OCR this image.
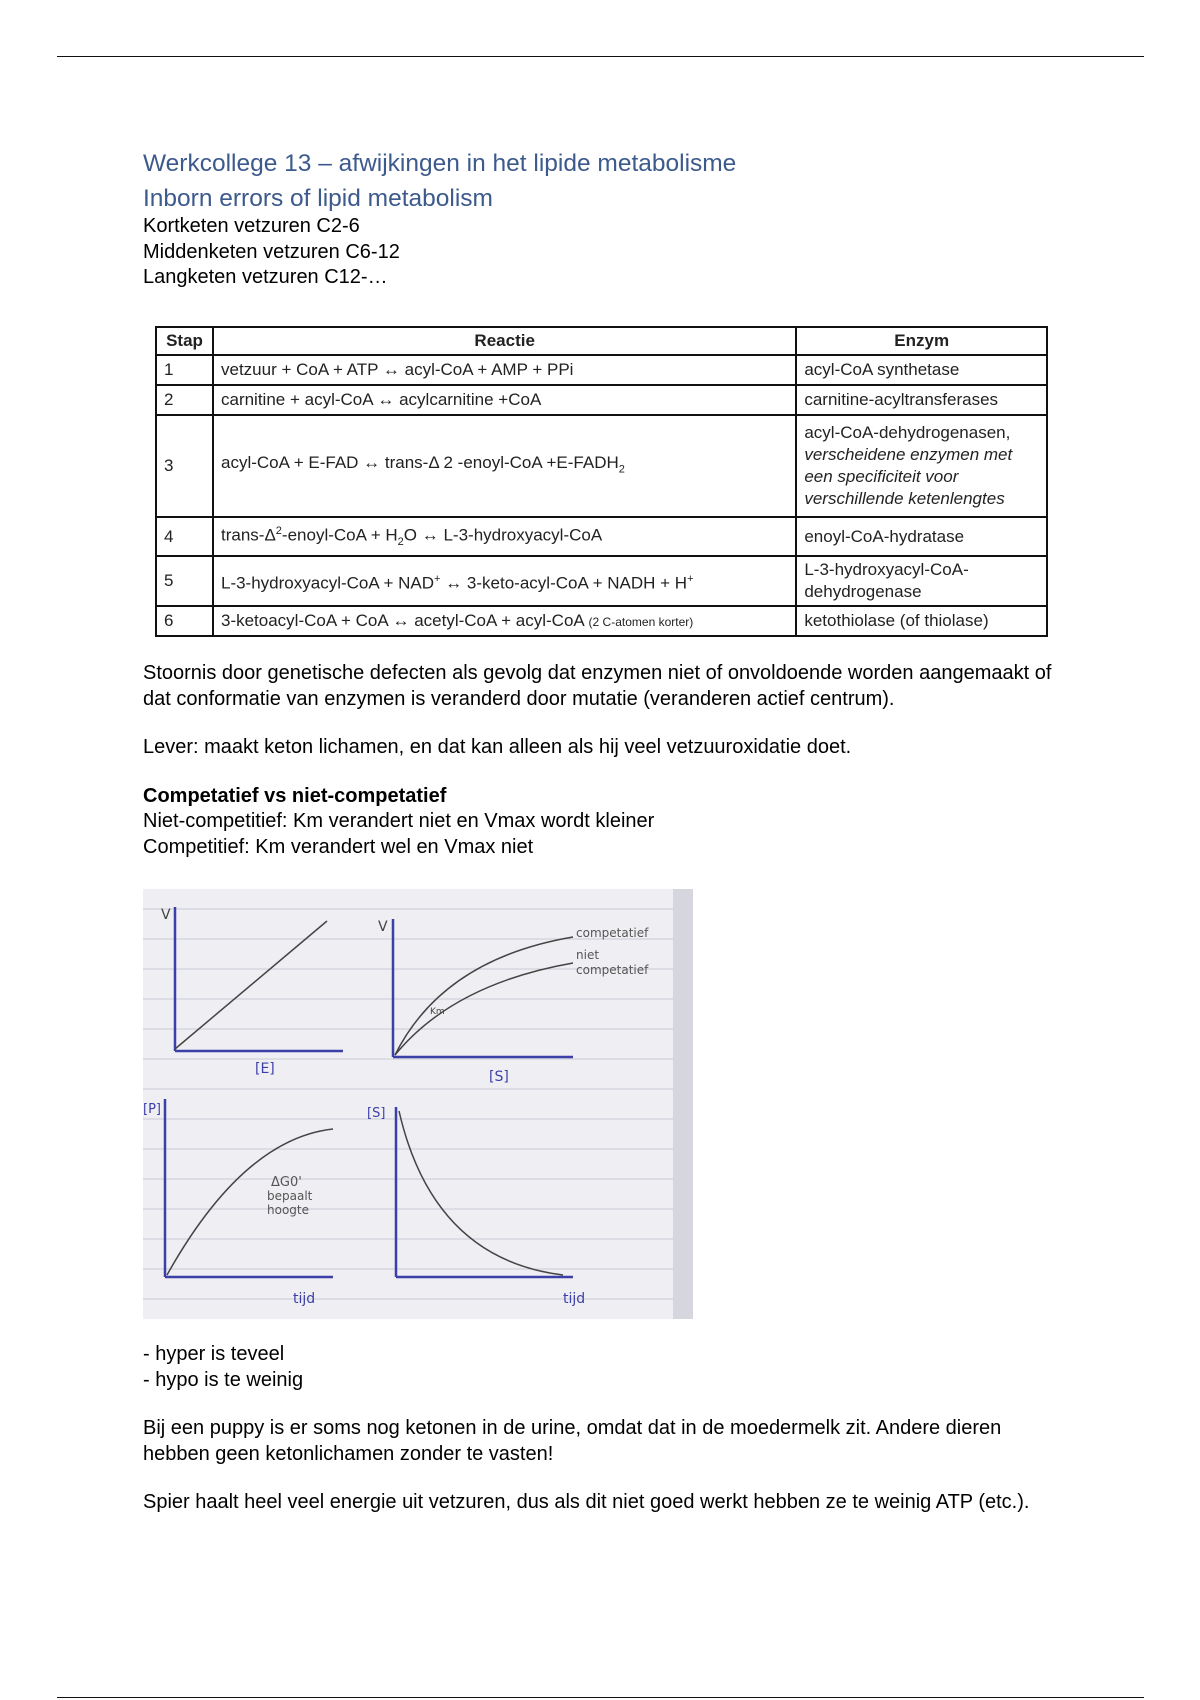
Werkcollege 13 – afwijkingen in het lipide metabolisme
Inborn errors of lipid metabolism

Kortketen vetzuren C2-6

Middenketen vetzuren C6-12

Langketen vetzuren C12-…

Stap	Reactie	Enzym
1	vetzuur + CoA + ATP ↔ acyl-CoA + AMP + PPi	acyl-CoA synthetase
2	carnitine + acyl-CoA ↔ acylcarnitine +CoA	carnitine-acyltransferases
3	acyl-CoA + E-FAD ↔ trans-Δ 2 -enoyl-CoA $+E-FADH_2$	acyl-CoA-dehydrogenasen,
verscheidene enzymen met een specificiteit voor verschillende ketenlengtes

4	trans-$\Delta^2-enoyl$-CoA + $H_2O$ ↔ L-3-hydroxyacyl-CoA	enoyl-CoA-hydratase
5	L-3-hydroxyacyl-CoA + NAD+ ↔ 3-keto-acyl-CoA + NADH + H+	L-3-hydroxyacyl-CoA-dehydrogenase
6	3-ketoacyl-CoA + CoA ↔ acetyl-CoA + acyl-CoA (2 C-atomen korter)	ketothiolase (of thiolase)

Stoornis door genetische defecten als gevolg dat enzymen niet of onvoldoende worden aangemaakt of dat conformatie van enzymen is veranderd door mutatie (veranderen actief centrum).

Lever: maakt keton lichamen, en dat kan alleen als hij veel vetzuuroxidatie doet.

Competatief vs niet-competatief

Niet-competitief: Km verandert niet en Vmax wordt kleiner

Competitief: Km verandert wel en Vmax niet

V
[E]
V
[S]
Km
competatief
niet
competatief
[P]
tijd
ΔG0'
bepaalt
hoogte
[S]
tijd

- hyper is teveel

- hypo is te weinig

Bij een puppy is er soms nog ketonen in de urine, omdat dat in de moedermelk zit. Andere dieren hebben geen ketonlichamen zonder te vasten!

Spier haalt heel veel energie uit vetzuren, dus als dit niet goed werkt hebben ze te weinig ATP (etc.).
